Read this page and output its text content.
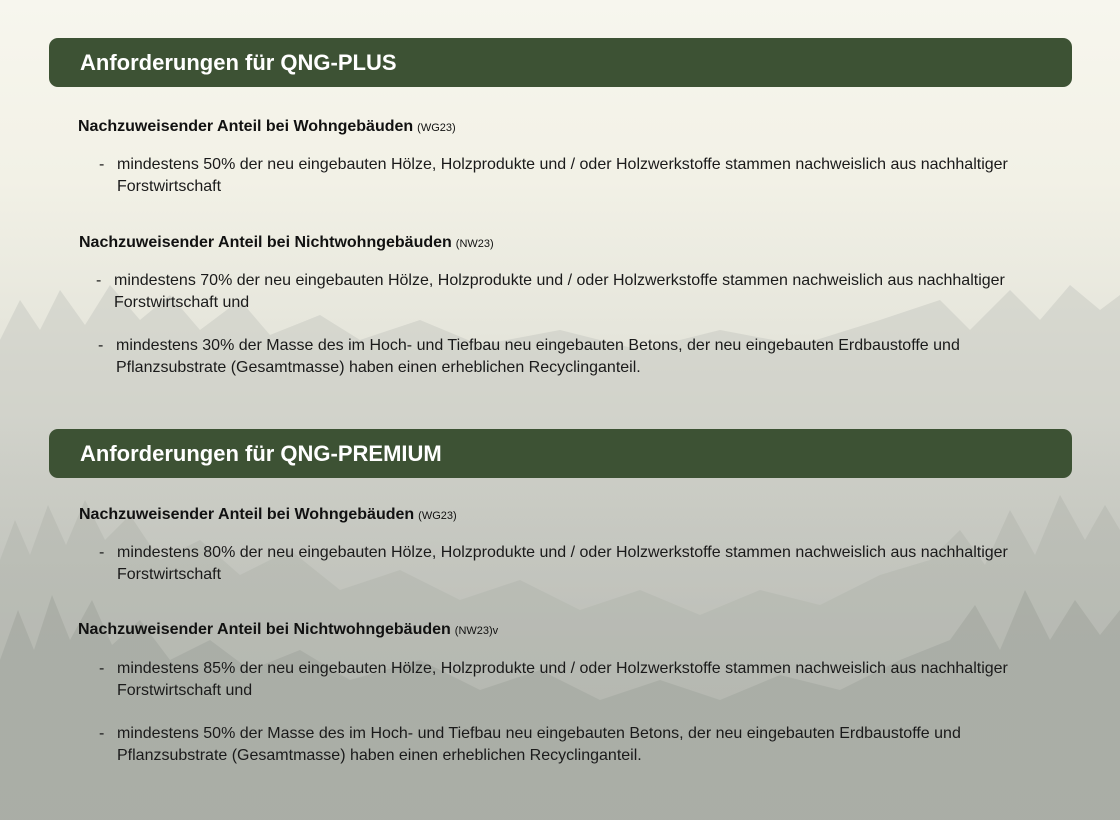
Anforderungen für QNG-PLUS
Nachzuweisender Anteil bei Wohngebäuden (WG23)
- mindestens 50% der neu eingebauten Hölze, Holzprodukte und / oder Holzwerkstoffe stammen nachweislich aus nachhaltiger Forstwirtschaft
Nachzuweisender Anteil bei Nichtwohngebäuden (NW23)
- mindestens 70% der neu eingebauten Hölze, Holzprodukte und / oder Holzwerkstoffe stammen nachweislich aus nachhaltiger Forstwirtschaft und
- mindestens 30% der Masse des im Hoch- und Tiefbau neu eingebauten Betons, der neu eingebauten Erdbaustoffe und Pflanzsubstrate (Gesamtmasse) haben einen erheblichen Recyclinganteil.
Anforderungen für QNG-PREMIUM
Nachzuweisender Anteil bei Wohngebäuden (WG23)
- mindestens 80% der neu eingebauten Hölze, Holzprodukte und / oder Holzwerkstoffe stammen nachweislich aus nachhaltiger Forstwirtschaft
Nachzuweisender Anteil bei Nichtwohngebäuden (NW23)v
- mindestens 85% der neu eingebauten Hölze, Holzprodukte und / oder Holzwerkstoffe stammen nachweislich aus nachhaltiger Forstwirtschaft und
- mindestens 50% der Masse des im Hoch- und Tiefbau neu eingebauten Betons, der neu eingebauten Erdbaustoffe und Pflanzsubstrate (Gesamtmasse) haben einen erheblichen Recyclinganteil.
